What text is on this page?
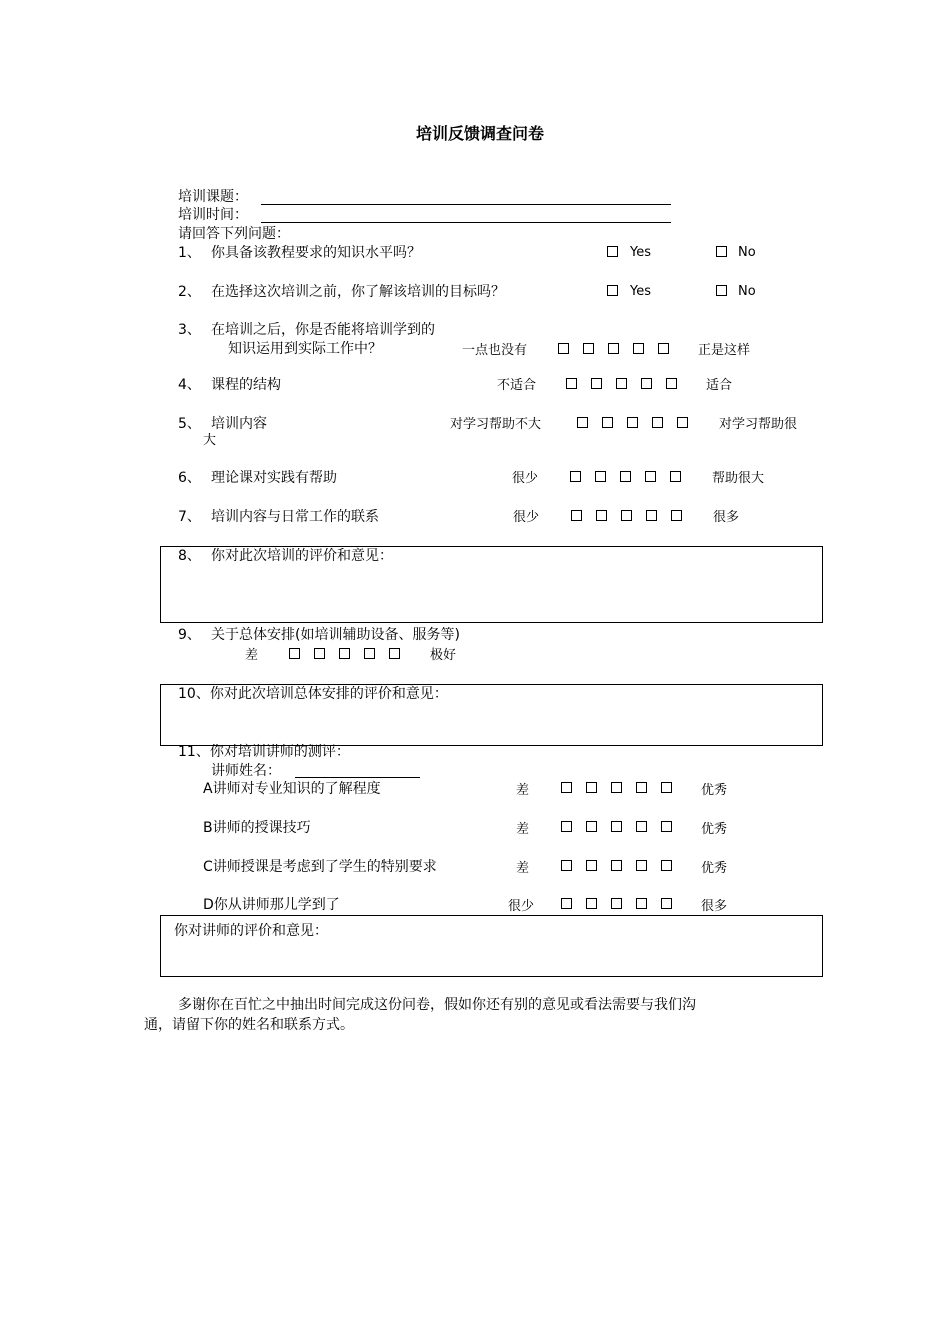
培训反馈调查问卷
培训课题：
培训时间：
请回答下列问题：
1、 你具备该教程要求的知识水平吗？	Yes	No
2、 在选择这次培训之前，你了解该培训的目标吗？	Yes	No
3、 在培训之后，你是否能将培训学到的
知识运用到实际工作中？	一点也没有	正是这样
4、 课程的结构	不适合	适合
5、 培训内容	对学习帮助不大	对学习帮助很
大
6、 理论课对实践有帮助	很少	帮助很大
7、 培训内容与日常工作的联系	很少	很多
8、 你对此次培训的评价和意见：
9、 关于总体安排(如培训辅助设备、服务等)
差	极好
10、你对此次培训总体安排的评价和意见：
11、你对培训讲师的测评：
讲师姓名：
A讲师对专业知识的了解程度	差	优秀
B讲师的授课技巧	差	优秀
C讲师授课是考虑到了学生的特别要求	差	优秀
D你从讲师那儿学到了	很少	很多
你对讲师的评价和意见：
多谢你在百忙之中抽出时间完成这份问卷，假如你还有别的意见或看法需要与我们沟
通，请留下你的姓名和联系方式。
